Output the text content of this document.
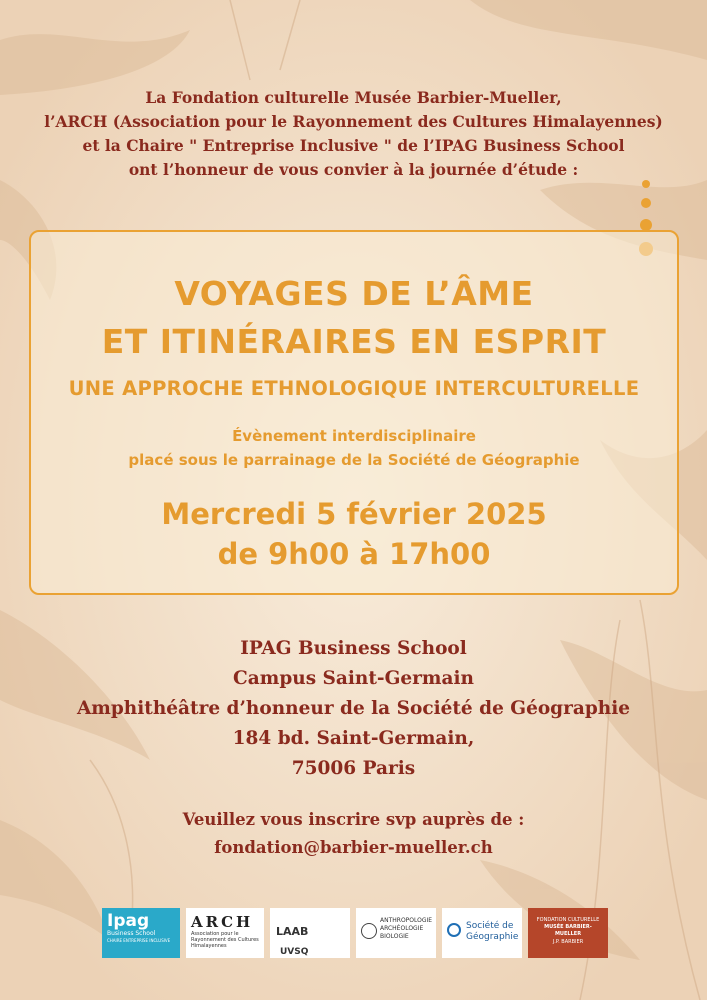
La Fondation culturelle Musée Barbier-Mueller,
l’ARCH (Association pour le Rayonnement des Cultures Himalayennes)
et la Chaire " Entreprise Inclusive " de l’IPAG Business School
ont l’honneur de vous convier à la journée d’étude :
VOYAGES DE L’ÂME
ET ITINÉRAIRES EN ESPRIT
UNE APPROCHE ETHNOLOGIQUE INTERCULTURELLE
Évènement interdisciplinaire
placé sous le parrainage de la Société de Géographie
Mercredi 5 février 2025
de 9h00 à 17h00
IPAG Business School
Campus Saint-Germain
Amphithéâtre d’honneur de la Société de Géographie
184 bd. Saint-Germain,
75006 Paris
Veuillez vous inscrire svp auprès de :
fondation@barbier-mueller.ch
Ipag
Business School
CHAIRE ENTREPRISE INCLUSIVE
ARCH
Association pour le Rayonnement des Cultures Himalayennes
LAAB UVSQ
ANTHROPOLOGIE
ARCHÉOLOGIE
BIOLOGIE
Société de
Géographie
FONDATION CULTURELLE
MUSÉE BARBIER-MUELLER
J.P. BARBIER
